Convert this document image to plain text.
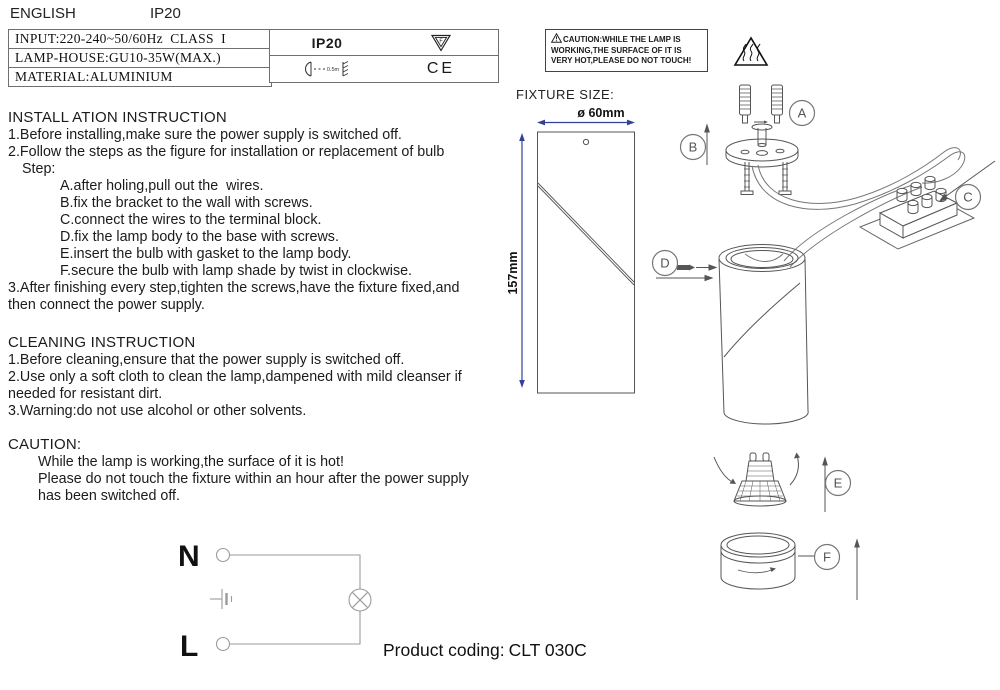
ENGLISH	IP20
INPUT:220-240~50/60Hz  CLASS  I
LAMP-HOUSE:GU10-35W(MAX.)
MATERIAL:ALUMINIUM
IP20	F
0.5m	CE
CAUTION:WHILE THE LAMP IS WORKING,THE SURFACE OF IT IS VERY HOT,PLEASE DO NOT TOUCH!
INSTALL ATION INSTRUCTION
1.Before installing,make sure the power supply is switched off.
2.Follow the steps as the figure for installation or replacement of bulb
Step:
A.after holing,pull out the  wires.
B.fix the bracket to the wall with screws.
C.connect the wires to the terminal block.
D.fix the lamp body to the base with screws.
E.insert the bulb with gasket to the lamp body.
F.secure the bulb with lamp shade by twist in clockwise.
3.After finishing every step,tighten the screws,have the fixture fixed,and
then connect the power supply.
CLEANING INSTRUCTION
1.Before cleaning,ensure that the power supply is switched off.
2.Use only a soft cloth to clean the lamp,dampened with mild cleanser if
needed for resistant dirt.
3.Warning:do not use alcohol or other solvents.
CAUTION:
While the lamp is working,the surface of it is hot!
Please do not touch the fixture within an hour after the power supply
has been switched off.
FIXTURE SIZE:
ø 60mm
157mm
A
B
C
D
E
F
N
L	Product coding: CLT 030C
